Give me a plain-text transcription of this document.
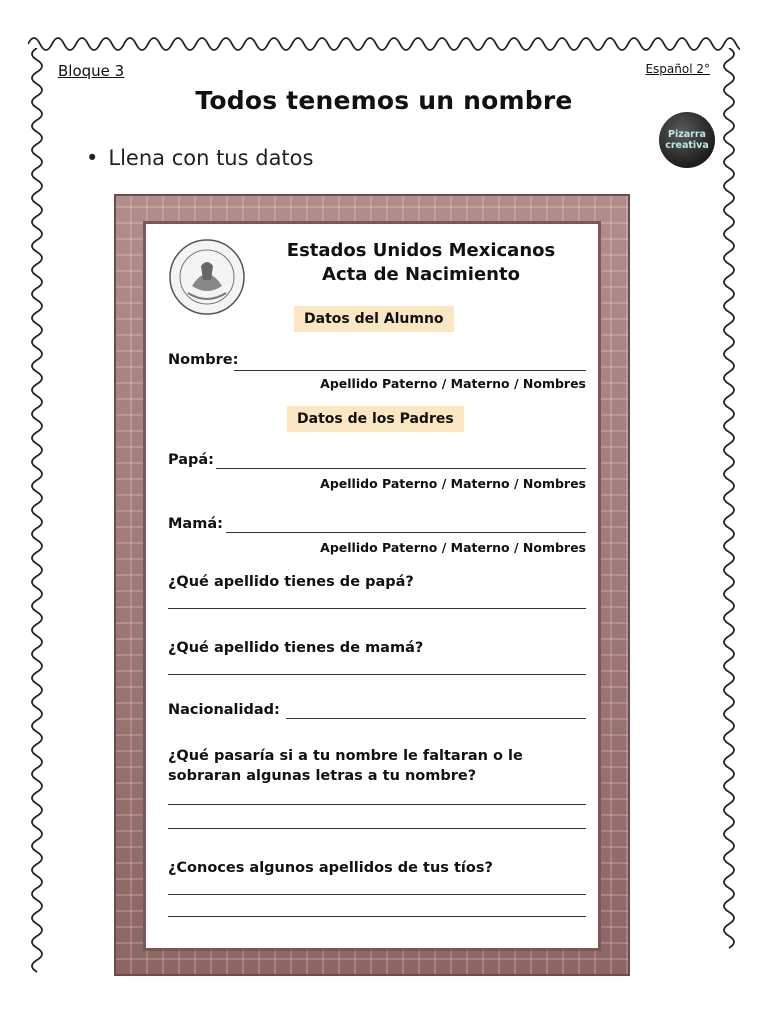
Bloque 3	Español 2°
Todos tenemos un nombre
Pizarra
creativa
• Llena con tus datos
Estados Unidos Mexicanos
Acta de Nacimiento
Datos del Alumno
Nombre:
Apellido Paterno / Materno / Nombres
Datos de los Padres
Papá:
Apellido Paterno / Materno / Nombres
Mamá:
Apellido Paterno / Materno / Nombres
¿Qué apellido tienes de papá?
¿Qué apellido tienes de mamá?
Nacionalidad:
¿Qué pasaría si a tu nombre le faltaran o le sobraran algunas letras a tu nombre?
¿Conoces algunos apellidos de tus tíos?
